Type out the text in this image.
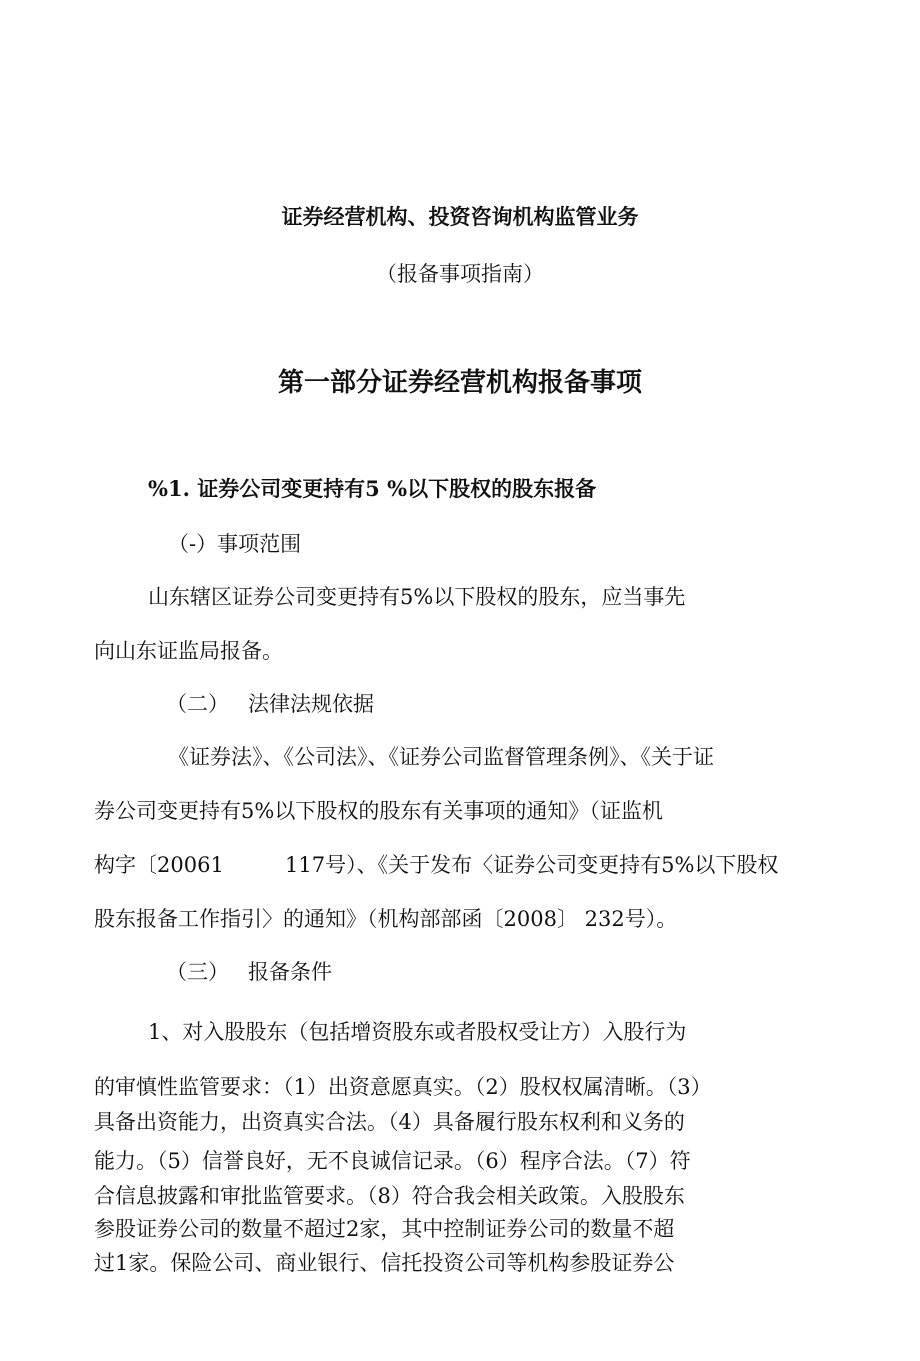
证券经营机构、投资咨询机构监管业务
（报备事项指南）
第一部分证券经营机构报备事项
%1. 证券公司变更持有5 %以下股权的股东报备
（-）事项范围
山东辖区证券公司变更持有5%以下股权的股东，应当事先
向山东证监局报备。
（二） 法律法规依据
《证券法》、《公司法》、《证券公司监督管理条例》、《关于证
券公司变更持有5%以下股权的股东有关事项的通知》（证监机
构字〔20061	117号）、《关于发布〈证券公司变更持有5%以下股权
股东报备工作指引〉的通知》（机构部部函〔2008〕 232号）。
（三） 报备条件
1、对入股股东（包括增资股东或者股权受让方）入股行为
的审慎性监管要求：（1）出资意愿真实。（2）股权权属清晰。（3）
具备出资能力，出资真实合法。（4）具备履行股东权利和义务的
能力。（5）信誉良好，无不良诚信记录。（6）程序合法。（7）符
合信息披露和审批监管要求。（8）符合我会相关政策。入股股东
参股证券公司的数量不超过2家，其中控制证券公司的数量不超
过1家。保险公司、商业银行、信托投资公司等机构参股证券公
